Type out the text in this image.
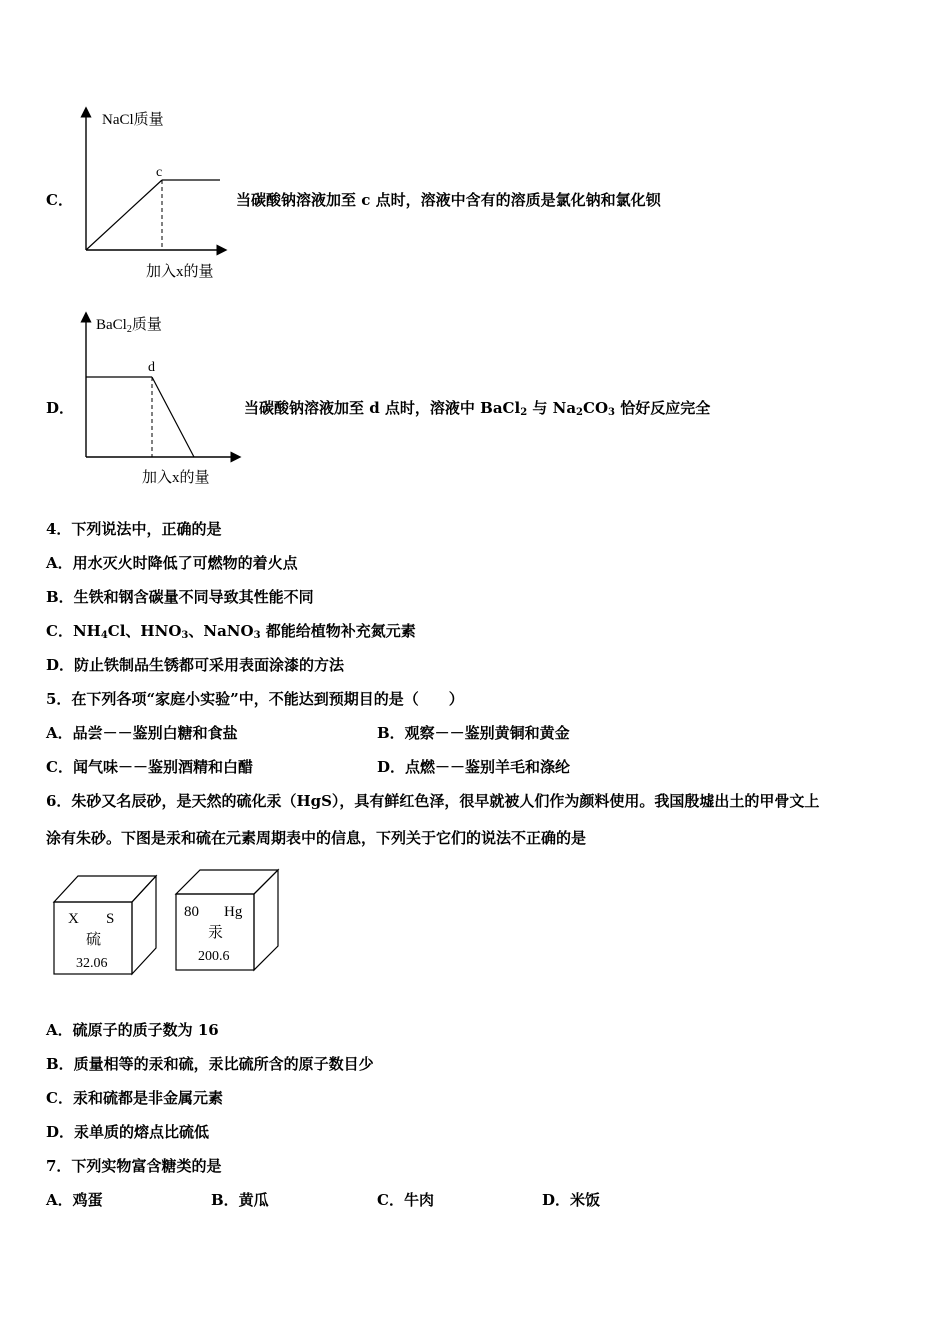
C．
NaCl质量
c
加入x的量
当碳酸钠溶液加至 c 点时，溶液中含有的溶质是氯化钠和氯化钡
D．
BaCl$_2$质量
d
加入x的量
当碳酸钠溶液加至 d 点时，溶液中 BaCl$_2$ 与 $Na_2CO_3$ 恰好反应完全
4．下列说法中，正确的是
A．用水灭火时降低了可燃物的着火点
B．生铁和钢含碳量不同导致其性能不同
C．$NH_4Cl$、$HNO_3$、NaNO$_3$ 都能给植物补充氮元素
D．防止铁制品生锈都可采用表面涂漆的方法
5．在下列各项“家庭小实验”中，不能达到预期目的是（　　）
A．品尝－－鉴别白糖和食盐	B．观察－－鉴别黄铜和黄金
C．闻气味－－鉴别酒精和白醋	D．点燃－－鉴别羊毛和涤纶
6．朱砂又名辰砂，是天然的硫化汞（HgS），具有鲜红色泽，很早就被人们作为颜料使用。我国殷墟出土的甲骨文上
涂有朱砂。下图是汞和硫在元素周期表中的信息，下列关于它们的说法不正确的是
X S
硫
32.06
80 Hg
汞
200.6
A．硫原子的质子数为 16
B．质量相等的汞和硫，汞比硫所含的原子数目少
C．汞和硫都是非金属元素
D．汞单质的熔点比硫低
7．下列实物富含糖类的是
A．鸡蛋	B．黄瓜	C．牛肉	D．米饭
